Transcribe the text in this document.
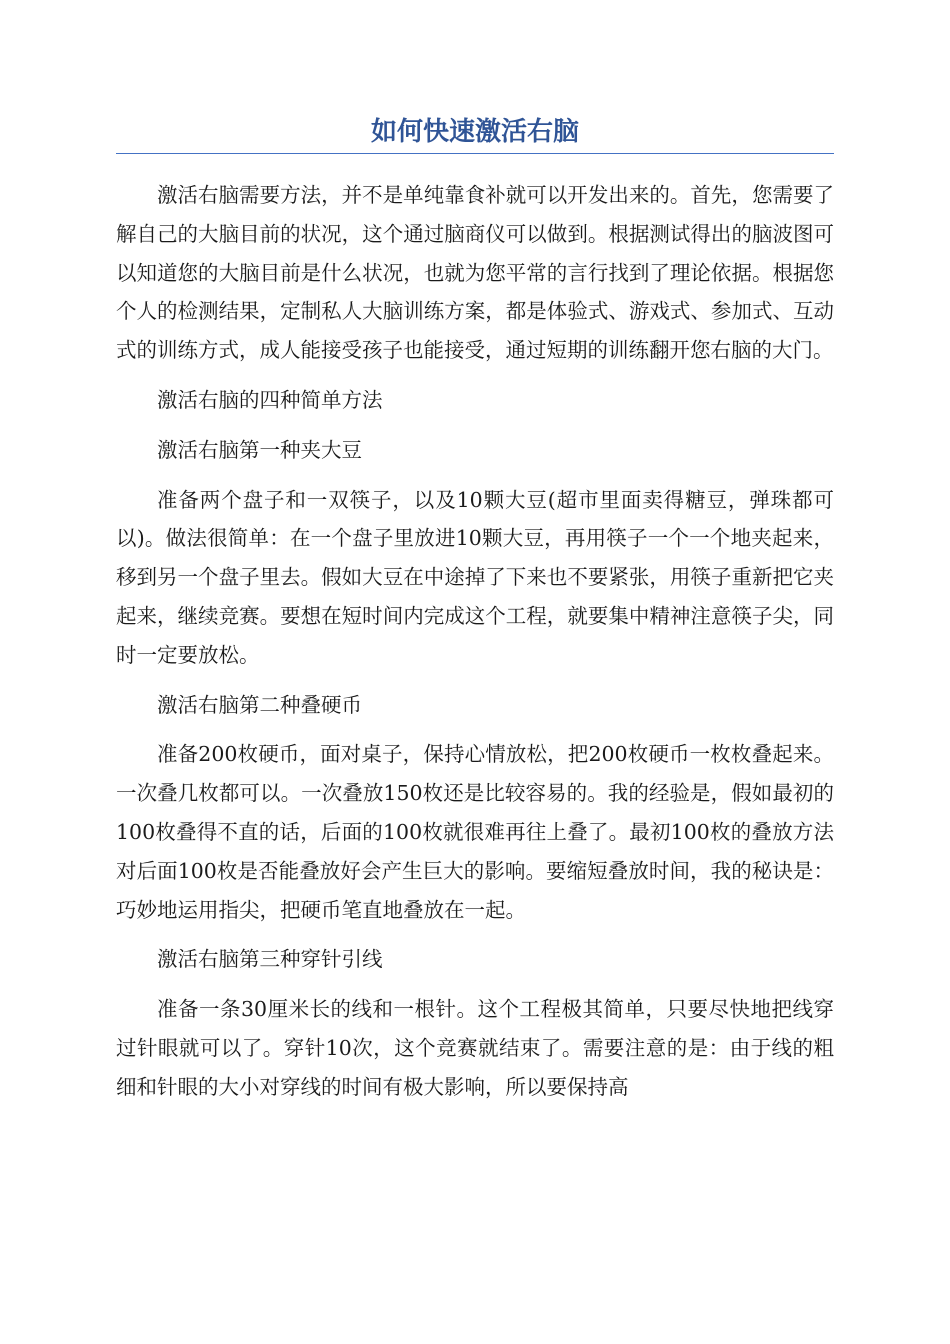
如何快速激活右脑

激活右脑需要方法，并不是单纯靠食补就可以开发出来的。首先，您需要了解自己的大脑目前的状况，这个通过脑商仪可以做到。根据测试得出的脑波图可以知道您的大脑目前是什么状况，也就为您平常的言行找到了理论依据。根据您个人的检测结果，定制私人大脑训练方案，都是体验式、游戏式、参加式、互动式的训练方式，成人能接受孩子也能接受，通过短期的训练翻开您右脑的大门。

激活右脑的四种简单方法

激活右脑第一种夹大豆

准备两个盘子和一双筷子，以及10颗大豆(超市里面卖得糖豆，弹珠都可以)。做法很简单：在一个盘子里放进10颗大豆，再用筷子一个一个地夹起来，移到另一个盘子里去。假如大豆在中途掉了下来也不要紧张，用筷子重新把它夹起来，继续竞赛。要想在短时间内完成这个工程，就要集中精神注意筷子尖，同时一定要放松。

激活右脑第二种叠硬币

准备200枚硬币，面对桌子，保持心情放松，把200枚硬币一枚枚叠起来。一次叠几枚都可以。一次叠放150枚还是比较容易的。我的经验是，假如最初的100枚叠得不直的话，后面的100枚就很难再往上叠了。最初100枚的叠放方法对后面100枚是否能叠放好会产生巨大的影响。要缩短叠放时间，我的秘诀是：巧妙地运用指尖，把硬币笔直地叠放在一起。

激活右脑第三种穿针引线

准备一条30厘米长的线和一根针。这个工程极其简单，只要尽快地把线穿过针眼就可以了。穿针10次，这个竞赛就结束了。需要注意的是：由于线的粗细和针眼的大小对穿线的时间有极大影响，所以要保持高
